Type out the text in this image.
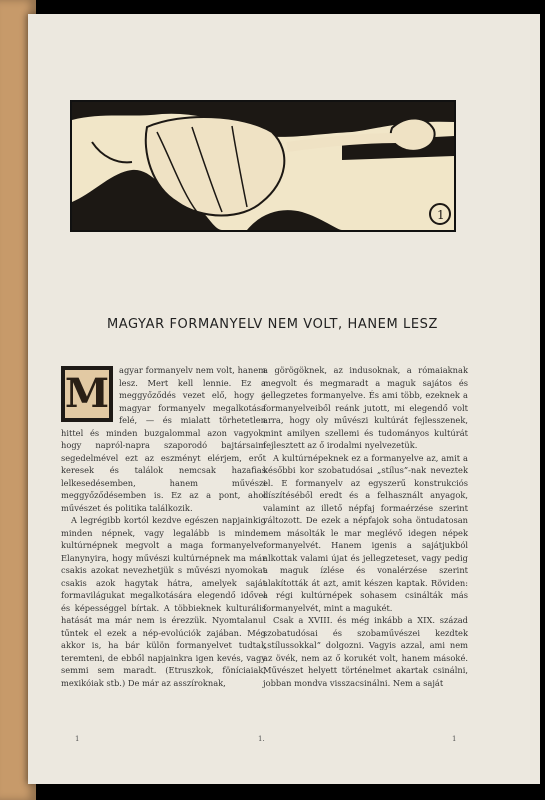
1
MAGYAR FORMANYELV NEM VOLT, HANEM LESZ
M	agyar formanyelv nem volt, hanem lesz. Mert kell lennie. Ez a meggyőződés vezet elő, hogy a magyar formanyelv megalkotása felé, — és mialatt törhetetlen hittel és minden buzgalommal azon vagyok, hogy napról-napra szaporodó bajtársaim segedelmével ezt az eszményt elérjem, erőt keresek és találok nemcsak hazafias lelkesedésemben, hanem művészi meggyőződésemben is. Ez az a pont, ahol művészet és politika találkozik.

A legrégibb kortól kezdve egészen napjainkig minden népnek, vagy legalább is minden kultúrnépnek megvolt a maga formanyelve. Elanynyira, hogy művészi kultúrnépnek ma már csakis azokat nevezhetjük s művészi nyomokat csakis azok hagytak hátra, amelyek saját formavilágukat megalkotására elegendő idővel és képességgel bírtak. A többieknek kulturális hatását ma már nem is érezzük. Nyomtalanul tűntek el ezek a nép-evolúciók zajában. Még akkor is, ha bár külön formanyelvet tudtak teremteni, de ebből napjainkra igen kevés, vagy semmi sem maradt. (Etruszkok, föníciaiak, mexikóiak stb.) De már az asszíroknak,

a görögöknek, az indusoknak, a rómaiaknak megvolt és megmaradt a maguk sajátos és jellegzetes formanyelve. És ami több, ezeknek a formanyelveiből reánk jutott, mi elegendő volt arra, hogy oly művészi kultúrát fejlesszenek, mint amilyen szellemi és tudományos kultúrát fejlesztett az ő irodalmi nyelvezetük.

A kultúrnépeknek ez a formanyelve az, amit a későbbi kor szobatudósai „stílus”-nak neveztek el. E formanyelv az egyszerű konstrukciós díszítéséből eredt és a felhasznált anyagok, valamint az illető népfaj formaérzése szerint változott. De ezek a népfajok soha öntudatosan nem másolták le mar meglévő idegen népek formanyelvét. Hanem igenis a sajátjukból alkottak valami újat és jellegzeteset, vagy pedig a maguk ízlése és vonalérzése szerint alakították át azt, amit készen kaptak. Röviden: a régi kultúrnépek sohasem csinálták más formanyelvét, mint a magukét.

Csak a XVIII. és még inkább a XIX. század szobatudósai és szobaművészei kezdtek „stílussokkal” dolgozni. Vagyis azzal, ami nem az övék, nem az ő korukét volt, hanem másoké. Művészet helyett történelmet akartak csinálni, jobban mondva visszacsinálni. Nem a saját

1	1.	1
